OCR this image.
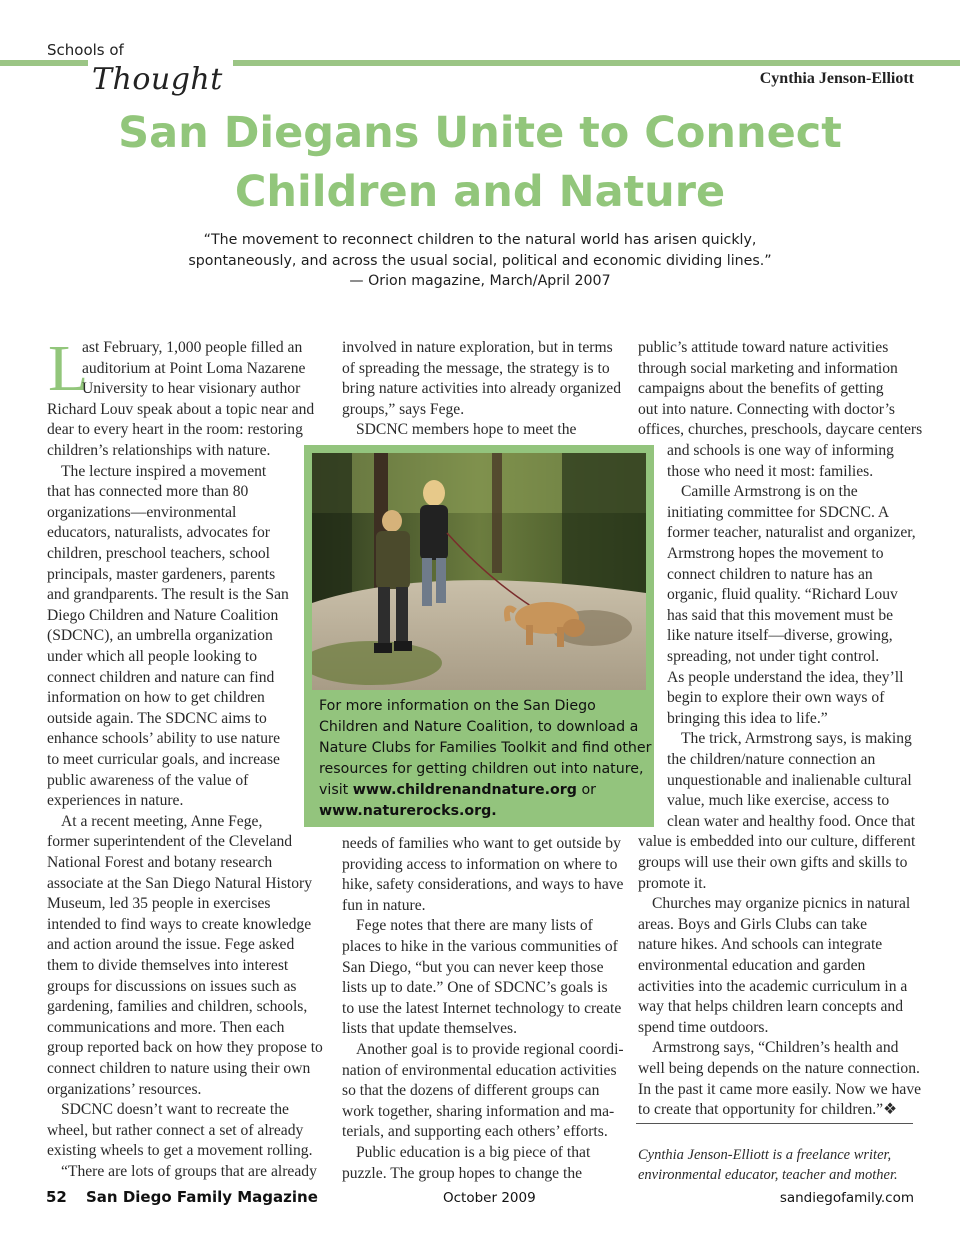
Schools of
Thought	Cynthia Jenson-Elliott
San Diegans Unite to Connect
Children and Nature
“The movement to reconnect children to the natural world has arisen quickly,
spontaneously, and across the usual social, political and economic dividing lines.”
— Orion magazine, March/April 2007
L
ast February, 1,000 people filled an
auditorium at Point Loma Nazarene
University to hear visionary author
Richard Louv speak about a topic near and
dear to every heart in the room: restoring
children’s relationships with nature.
The lecture inspired a movement
that has connected more than 80
organizations—environmental
educators, naturalists, advocates for
children, preschool teachers, school
principals, master gardeners, parents
and grandparents. The result is the San
Diego Children and Nature Coalition
(SDCNC), an umbrella organization
under which all people looking to
connect children and nature can find
information on how to get children
outside again. The SDCNC aims to
enhance schools’ ability to use nature
to meet curricular goals, and increase
public awareness of the value of
experiences in nature.
At a recent meeting, Anne Fege,
former superintendent of the Cleveland
National Forest and botany research
associate at the San Diego Natural History
Museum, led 35 people in exercises
intended to find ways to create knowledge
and action around the issue. Fege asked
them to divide themselves into interest
groups for discussions on issues such as
gardening, families and children, schools,
communications and more. Then each
group reported back on how they propose to
connect children to nature using their own
organizations’ resources.
SDCNC doesn’t want to recreate the
wheel, but rather connect a set of already
existing wheels to get a movement rolling.
“There are lots of groups that are already
involved in nature exploration, but in terms
of spreading the message, the strategy is to
bring nature activities into already organized
groups,” says Fege.
SDCNC members hope to meet the
needs of families who want to get outside by
providing access to information on where to
hike, safety considerations, and ways to have
fun in nature.
Fege notes that there are many lists of
places to hike in the various communities of
San Diego, “but you can never keep those
lists up to date.” One of SDCNC’s goals is
to use the latest Internet technology to create
lists that update themselves.
Another goal is to provide regional coordi-
nation of environmental education activities
so that the dozens of different groups can
work together, sharing information and ma-
terials, and supporting each others’ efforts.
Public education is a big piece of that
puzzle. The group hopes to change the
public’s attitude toward nature activities
through social marketing and information
campaigns about the benefits of getting
out into nature. Connecting with doctor’s
offices, churches, preschools, daycare centers
and schools is one way of informing
those who need it most: families.
Camille Armstrong is on the
initiating committee for SDCNC. A
former teacher, naturalist and organizer,
Armstrong hopes the movement to
connect children to nature has an
organic, fluid quality. “Richard Louv
has said that this movement must be
like nature itself—diverse, growing,
spreading, not under tight control.
As people understand the idea, they’ll
begin to explore their own ways of
bringing this idea to life.”
The trick, Armstrong says, is making
the children/nature connection an
unquestionable and inalienable cultural
value, much like exercise, access to
clean water and healthy food. Once that
value is embedded into our culture, different
groups will use their own gifts and skills to
promote it.
Churches may organize picnics in natural
areas. Boys and Girls Clubs can take
nature hikes. And schools can integrate
environmental education and garden
activities into the academic curriculum in a
way that helps children learn concepts and
spend time outdoors.
Armstrong says, “Children’s health and
well being depends on the nature connection.
In the past it came more easily. Now we have
to create that opportunity for children.”❖
For more information on the San Diego
Children and Nature Coalition, to download a
Nature Clubs for Families Toolkit and find other
resources for getting children out into nature,
visit www.childrenandnature.org or
www.naturerocks.org.
Cynthia Jenson-Elliott is a freelance writer,
environmental educator, teacher and mother.
52 San Diego Family Magazine	October 2009	sandiegofamily.com
